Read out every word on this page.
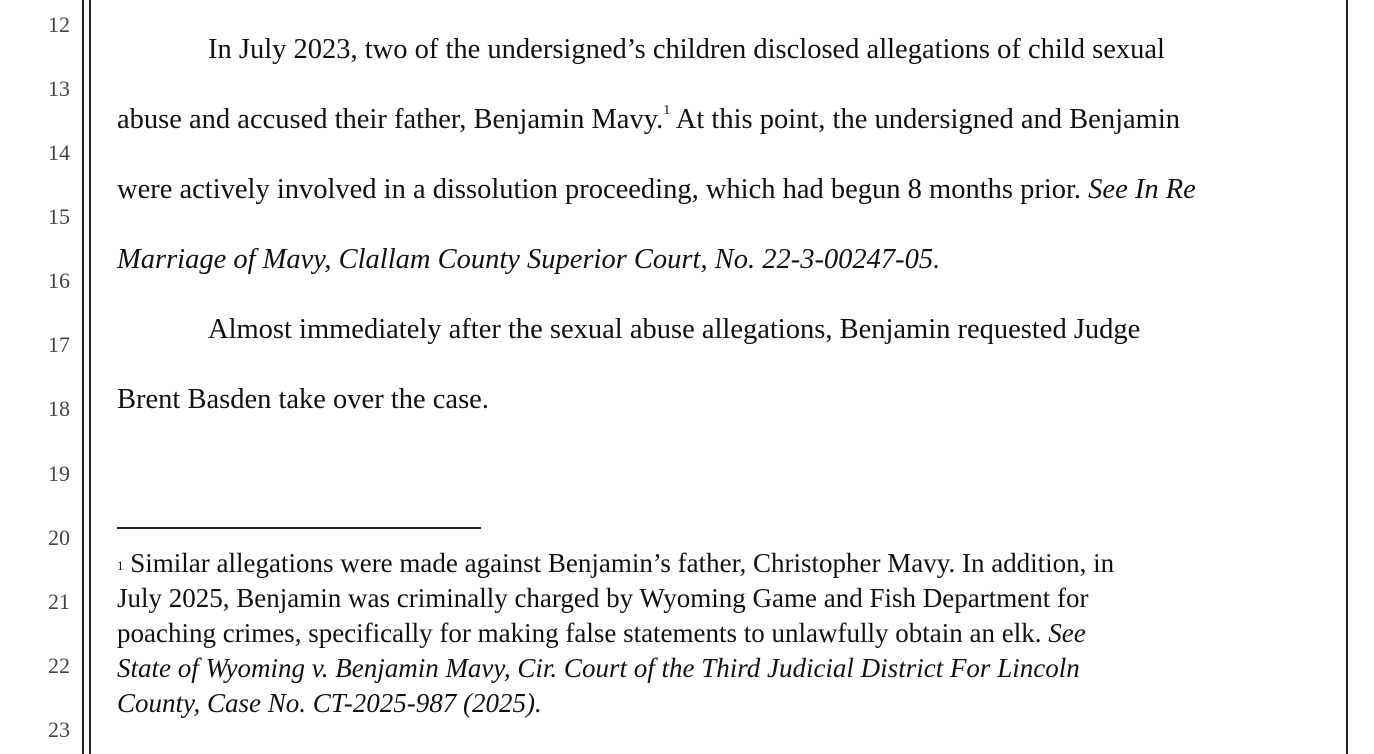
12
13
14
15
16
17
18
19
20
21
22
23
In July 2023, two of the undersigned’s children disclosed allegations of child sexual
abuse and accused their father, Benjamin Mavy.$^1$ At this point, the undersigned and Benjamin
were actively involved in a dissolution proceeding, which had begun 8 months prior. See In Re
Marriage of Mavy, Clallam County Superior Court, No. 22-3-00247-05.
Almost immediately after the sexual abuse allegations, Benjamin requested Judge
Brent Basden take over the case.
$^1$ Similar allegations were made against Benjamin’s father, Christopher Mavy. In addition, in
July 2025, Benjamin was criminally charged by Wyoming Game and Fish Department for
poaching crimes, specifically for making false statements to unlawfully obtain an elk. See
State of Wyoming v. Benjamin Mavy, Cir. Court of the Third Judicial District For Lincoln
County, Case No. CT-2025-987 (2025).
